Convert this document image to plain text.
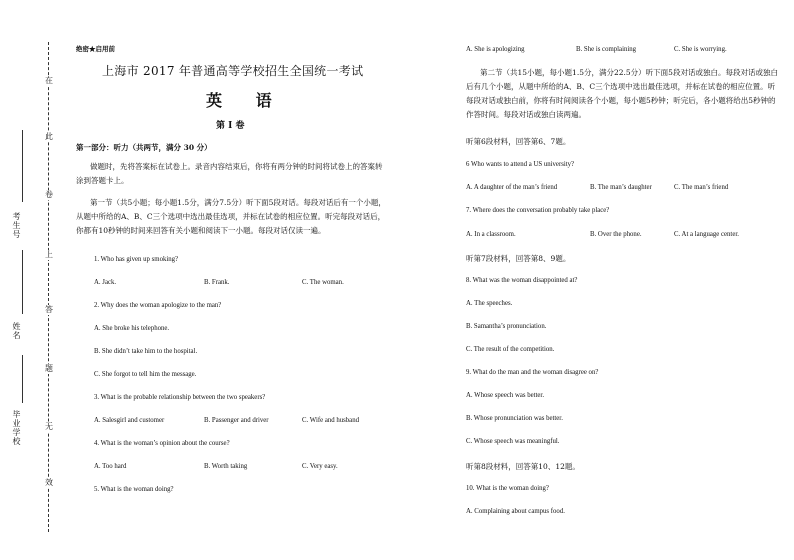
在
此
卷
上
答
题
无
效
考生号
姓名
毕业学校
绝密★启用前
上海市 2017 年普通高等学校招生全国统一考试
英 语
第 I 卷
第一部分：听力（共两节，满分 30 分）
做题时，先将答案标在试卷上。录音内容结束后，你将有两分钟的时间将试卷上的答案转涂到答题卡上。
第一节（共5小题；每小题1.5分，满分7.5分）听下面5段对话。每段对话后有一个小题，从题中所给的A、B、C三个选项中选出最佳选项，并标在试卷的相应位置。听完每段对话后，你都有10秒钟的时间来回答有关小题和阅读下一小题。每段对话仅读一遍。
1. Who has given up smoking?
A. Jack.	B. Frank.	C. The woman.
2. Why does the woman apologize to the man?
A. She broke his telephone.
B. She didn’t take him to the hospital.
C. She forgot to tell him the message.
3. What is the probable relationship between the two speakers?
A. Salesgirl and customer	B. Passenger and driver	C. Wife and husband
4. What is the woman’s opinion about the course?
A. Too hard	B. Worth taking	C. Very easy.
5. What is the woman doing?
A. She is apologizing	B. She is complaining	C. She is worrying.
第二节（共15小题，每小题1.5分，满分22.5分）听下面5段对话或独白。每段对话或独白后有几个小题，从题中所给的A、B、C三个选项中选出最佳选项，并标在试卷的相应位置。听每段对话或独白前，你将有时间阅读各个小题，每小题5秒钟；听完后，各小题将给出5秒钟的作答时间。每段对话或独白读两遍。
听第6段材料，回答第6、7题。
6 Who wants to attend a US university?
A. A daughter of the man’s friend	B. The man’s daughter	C. The man’s friend
7. Where does the conversation probably take place?
A. In a classroom.	B. Over the phone.	C. At a language center.
听第7段材料，回答第8、9题。
8. What was the woman disappointed at?
A. The speeches.
B. Samantha’s pronunciation.
C. The result of the competition.
9. What do the man and the woman disagree on?
A. Whose speech was better.
B. Whose pronunciation was better.
C. Whose speech was meaningful.
听第8段材料，回答第10、12题。
10. What is the woman doing?
A. Complaining about campus food.
